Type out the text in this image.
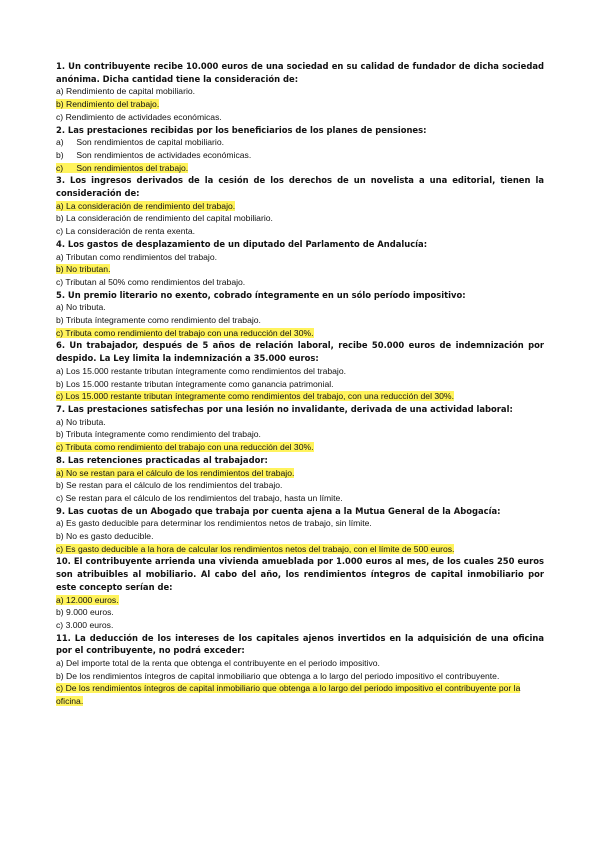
1. Un contribuyente recibe 10.000 euros de una sociedad en su calidad de fundador de dicha sociedad anónima. Dicha cantidad tiene la consideración de:
a) Rendimiento de capital mobiliario.
b) Rendimiento del trabajo.
c) Rendimiento de actividades económicas.
2. Las prestaciones recibidas por los beneficiarios de los planes de pensiones:
a) Son rendimientos de capital mobiliario.
b) Son rendimientos de actividades económicas.
c) Son rendimientos del trabajo.
3. Los ingresos derivados de la cesión de los derechos de un novelista a una editorial, tienen la consideración de:
a) La consideración de rendimiento del trabajo.
b) La consideración de rendimiento del capital mobiliario.
c) La consideración de renta exenta.
4. Los gastos de desplazamiento de un diputado del Parlamento de Andalucía:
a) Tributan como rendimientos del trabajo.
b) No tributan.
c) Tributan al 50% como rendimientos del trabajo.
5. Un premio literario no exento, cobrado íntegramente en un sólo período impositivo:
a) No tributa.
b) Tributa íntegramente como rendimiento del trabajo.
c) Tributa como rendimiento del trabajo con una reducción del 30%.
6. Un trabajador, después de 5 años de relación laboral, recibe 50.000 euros de indemnización por despido. La Ley limita la indemnización a 35.000 euros:
a) Los 15.000 restante tributan íntegramente como rendimientos del trabajo.
b) Los 15.000 restante tributan íntegramente como ganancia patrimonial.
c) Los 15.000 restante tributan íntegramente como rendimientos del trabajo, con una reducción del 30%.
7. Las prestaciones satisfechas por una lesión no invalidante, derivada de una actividad laboral:
a) No tributa.
b) Tributa íntegramente como rendimiento del trabajo.
c) Tributa como rendimiento del trabajo con una reducción del 30%.
8. Las retenciones practicadas al trabajador:
a) No se restan para el cálculo de los rendimientos del trabajo.
b) Se restan para el cálculo de los rendimientos del trabajo.
c) Se restan para el cálculo de los rendimientos del trabajo, hasta un límite.
9. Las cuotas de un Abogado que trabaja por cuenta ajena a la Mutua General de la Abogacía:
a) Es gasto deducible para determinar los rendimientos netos de trabajo, sin límite.
b) No es gasto deducible.
c) Es gasto deducible a la hora de calcular los rendimientos netos del trabajo, con el límite de 500 euros.
10. El contribuyente arrienda una vivienda amueblada por 1.000 euros al mes, de los cuales 250 euros son atribuibles al mobiliario. Al cabo del año, los rendimientos íntegros de capital inmobiliario por este concepto serían de:
a) 12.000 euros.
b) 9.000 euros.
c) 3.000 euros.
11. La deducción de los intereses de los capitales ajenos invertidos en la adquisición de una oficina por el contribuyente, no podrá exceder:
a) Del importe total de la renta que obtenga el contribuyente en el periodo impositivo.
b) De los rendimientos íntegros de capital inmobiliario que obtenga a lo largo del periodo impositivo el contribuyente.
c) De los rendimientos íntegros de capital inmobiliario que obtenga a lo largo del periodo impositivo el contribuyente por la oficina.
